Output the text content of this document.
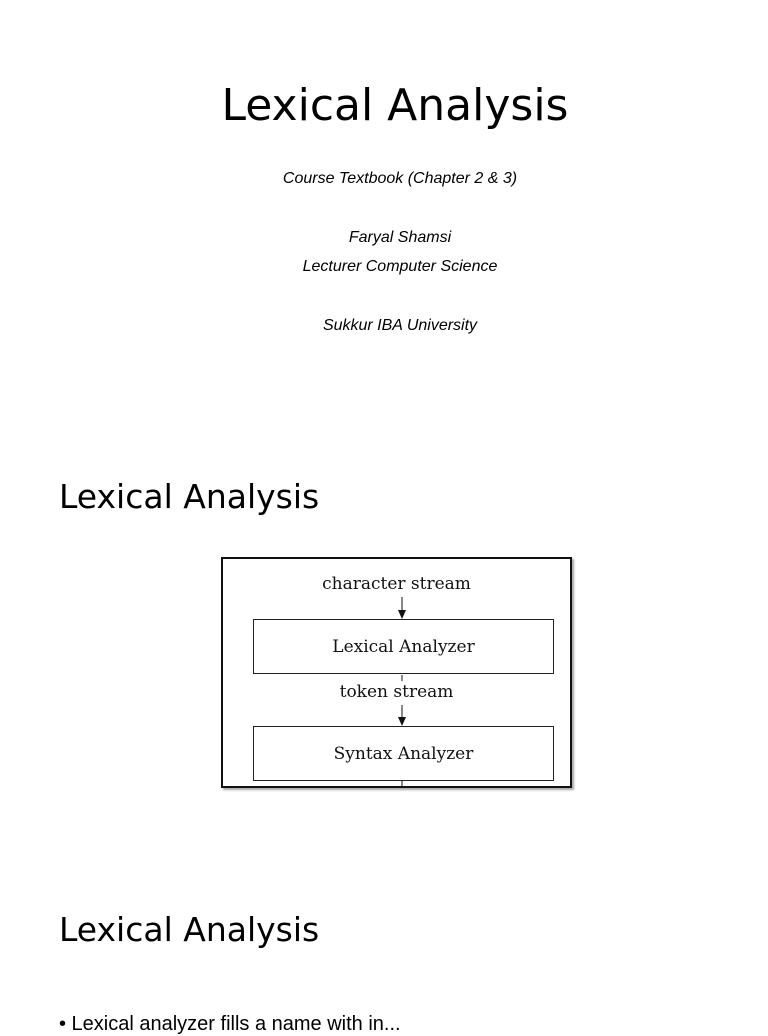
Lexical Analysis
Course Textbook (Chapter 2 & 3)
Faryal Shamsi
Lecturer Computer Science
Sukkur IBA University
Lexical Analysis
character stream
Lexical Analyzer
token stream
Syntax Analyzer
Lexical Analysis
• Lexical analyzer fills a name with in...
